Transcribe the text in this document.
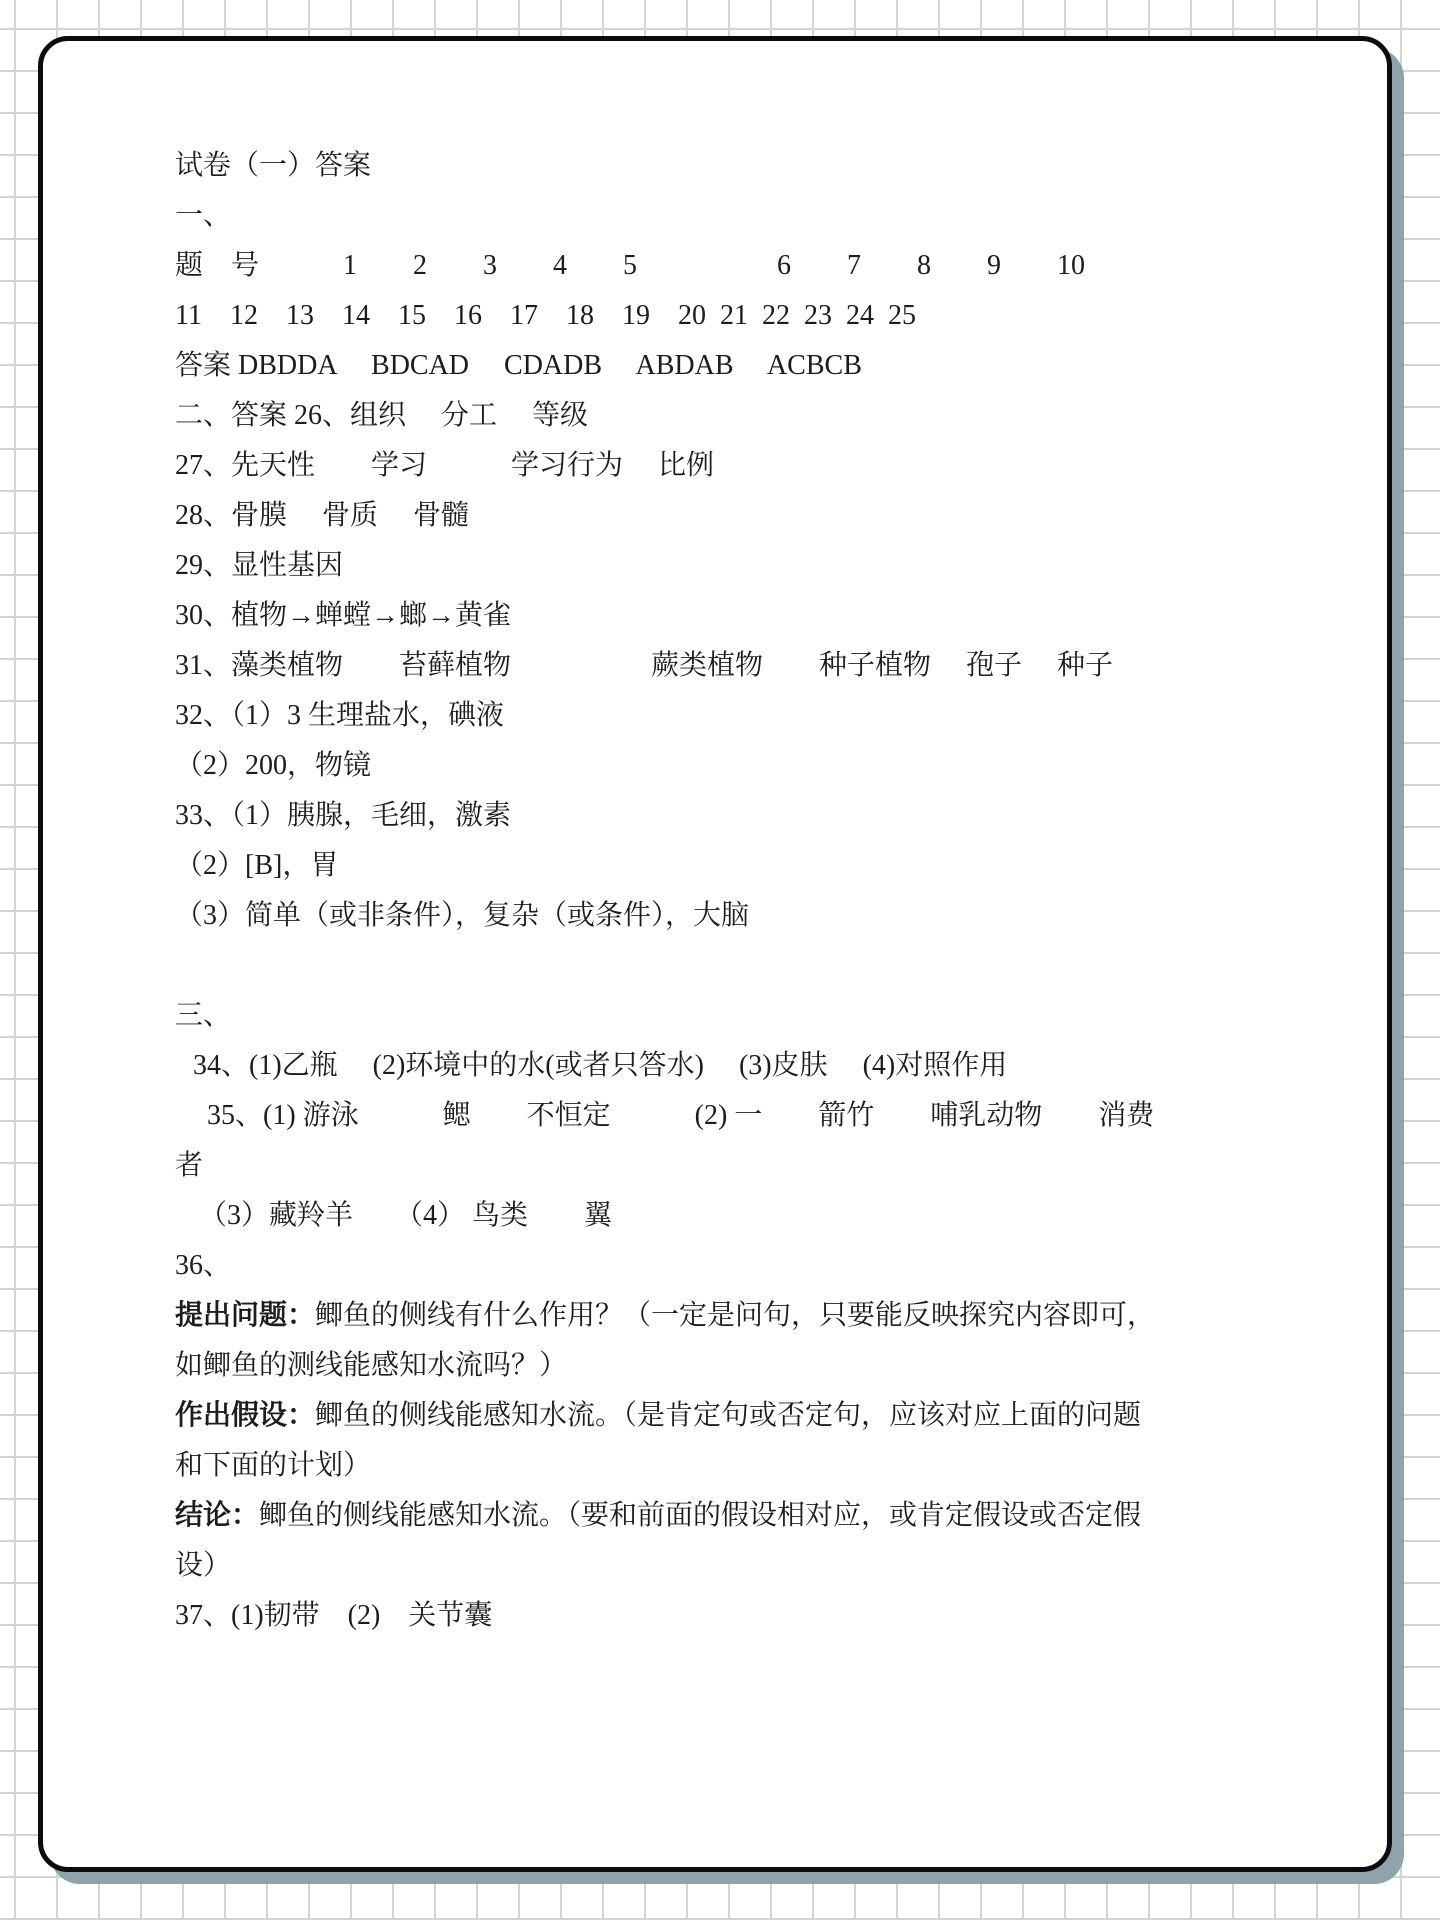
试卷（一）答案
一、
题　号　　　1　　2　　3　　4　　5　　　　　6　　7　　8　　9　　10
11　12　13　14　15　16　17　18　19　20  21  22  23  24  25
答案 DBDDA　 BDCAD　 CDADB　 ABDAB　 ACBCB
二、答案 26、组织　 分工　 等级
27、先天性　　学习　　　学习行为　 比例
28、骨膜　 骨质　 骨髓
29、显性基因
30、植物→蝉螳→螂→黄雀
31、藻类植物　　苔藓植物　　　　　蕨类植物　　种子植物　 孢子　 种子
32、（1）3 生理盐水，碘液
（2）200，物镜
33、（1）胰腺，毛细，激素
（2）[B]，胃
（3）简单（或非条件），复杂（或条件），大脑
三、
34、(1)乙瓶　 (2)环境中的水(或者只答水)　 (3)皮肤　 (4)对照作用
35、(1) 游泳　　　鳃　　不恒定　　　(2) 一　　箭竹　　哺乳动物　　消费
者
（3）藏羚羊　　（4） 鸟类　　翼
36、
提出问题：鲫鱼的侧线有什么作用？（一定是问句，只要能反映探究内容即可，
如鲫鱼的测线能感知水流吗？）
作出假设：鲫鱼的侧线能感知水流。（是肯定句或否定句，应该对应上面的问题
和下面的计划）
结论：鲫鱼的侧线能感知水流。（要和前面的假设相对应，或肯定假设或否定假
设）
37、(1)韧带　(2)　关节囊
